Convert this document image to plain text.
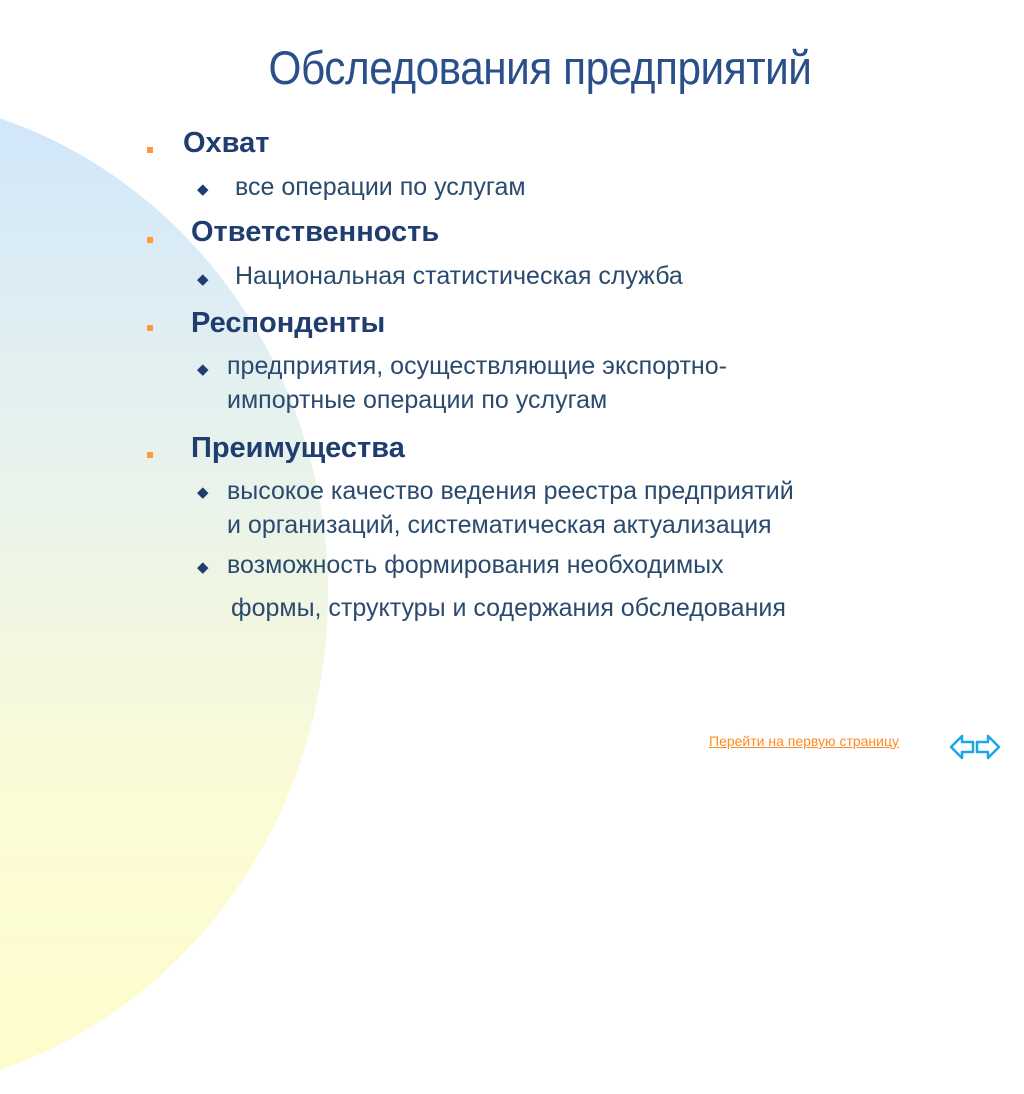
Обследования предприятий
Охват
◆ все операции по услугам
Ответственность
◆ Национальная статистическая служба
Респонденты
◆ предприятия, осуществляющие экспортно-
импортные операции по услугам
Преимущества
◆ высокое качество ведения реестра предприятий
и организаций, систематическая актуализация
◆ возможность формирования необходимых
формы, структуры и содержания обследования
Перейти на первую страницу
